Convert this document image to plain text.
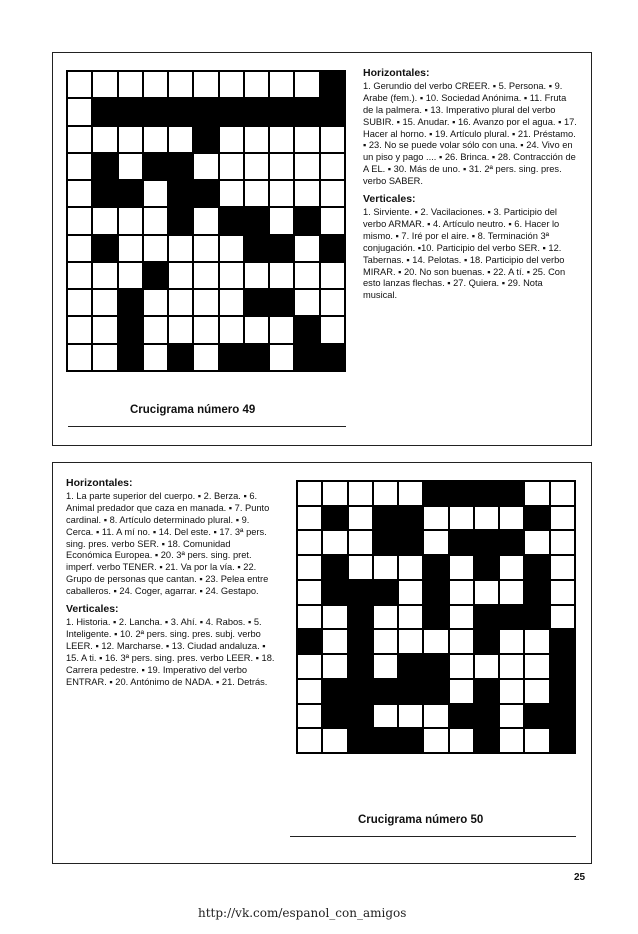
Horizontales:

1. Gerundio del verbo CREER. ▪ 5. Persona. ▪ 9. Arabe (fem.). ▪ 10. Sociedad Anónima. ▪ 11. Fruta de la palmera. ▪ 13. Imperativo plural del verbo SUBIR. ▪ 15. Anudar. ▪ 16. Avanzo por el agua. ▪ 17. Hacer al horno. ▪ 19. Artículo plural. ▪ 21. Préstamo. ▪ 23. No se puede volar sólo con una. ▪ 24. Vivo en un piso y pago .... ▪ 26. Brinca. ▪ 28. Contracción de A EL. ▪ 30. Más de uno. ▪ 31. 2ª pers. sing. pres. verbo SABER.

Verticales:

1. Sirviente. ▪ 2. Vacilaciones. ▪ 3. Participio del verbo ARMAR. ▪ 4. Artículo neutro. ▪ 6. Hacer lo mismo. ▪ 7. Iré por el aire. ▪ 8. Terminación 3ª conjugación. ▪10. Participio del verbo SER. ▪ 12. Tabernas. ▪ 14. Pelotas. ▪ 18. Participio del verbo MIRAR. ▪ 20. No son buenas. ▪ 22. A tí. ▪ 25. Con esto lanzas flechas. ▪ 27. Quiera. ▪ 29. Nota musical.

Crucigrama número 49
Horizontales:

1. La parte superior del cuerpo. ▪ 2. Berza. ▪ 6. Animal predador que caza en manada. ▪ 7. Punto cardinal. ▪ 8. Artículo determinado plural. ▪ 9. Cerca. ▪ 11. A mí no. ▪ 14. Del este. ▪ 17. 3ª pers. sing. pres. verbo SER. ▪ 18. Comunidad Económica Europea. ▪ 20. 3ª pers. sing. pret. imperf. verbo TENER. ▪ 21. Va por la vía. ▪ 22. Grupo de personas que cantan. ▪ 23. Pelea entre caballeros. ▪ 24. Coger, agarrar. ▪ 24. Gestapo.

Verticales:

1. Historia. ▪ 2. Lancha. ▪ 3. Ahí. ▪ 4. Rabos. ▪ 5. Inteligente. ▪ 10. 2ª pers. sing. pres. subj. verbo LEER. ▪ 12. Marcharse. ▪ 13. Ciudad andaluza. ▪ 15. A ti. ▪ 16. 3ª pers. sing. pres. verbo LEER. ▪ 18. Carrera pedestre. ▪ 19. Imperativo del verbo ENTRAR. ▪ 20. Antónimo de NADA. ▪ 21. Detrás.

Crucigrama número 50
25
http://vk.com/espanol_con_amigos
